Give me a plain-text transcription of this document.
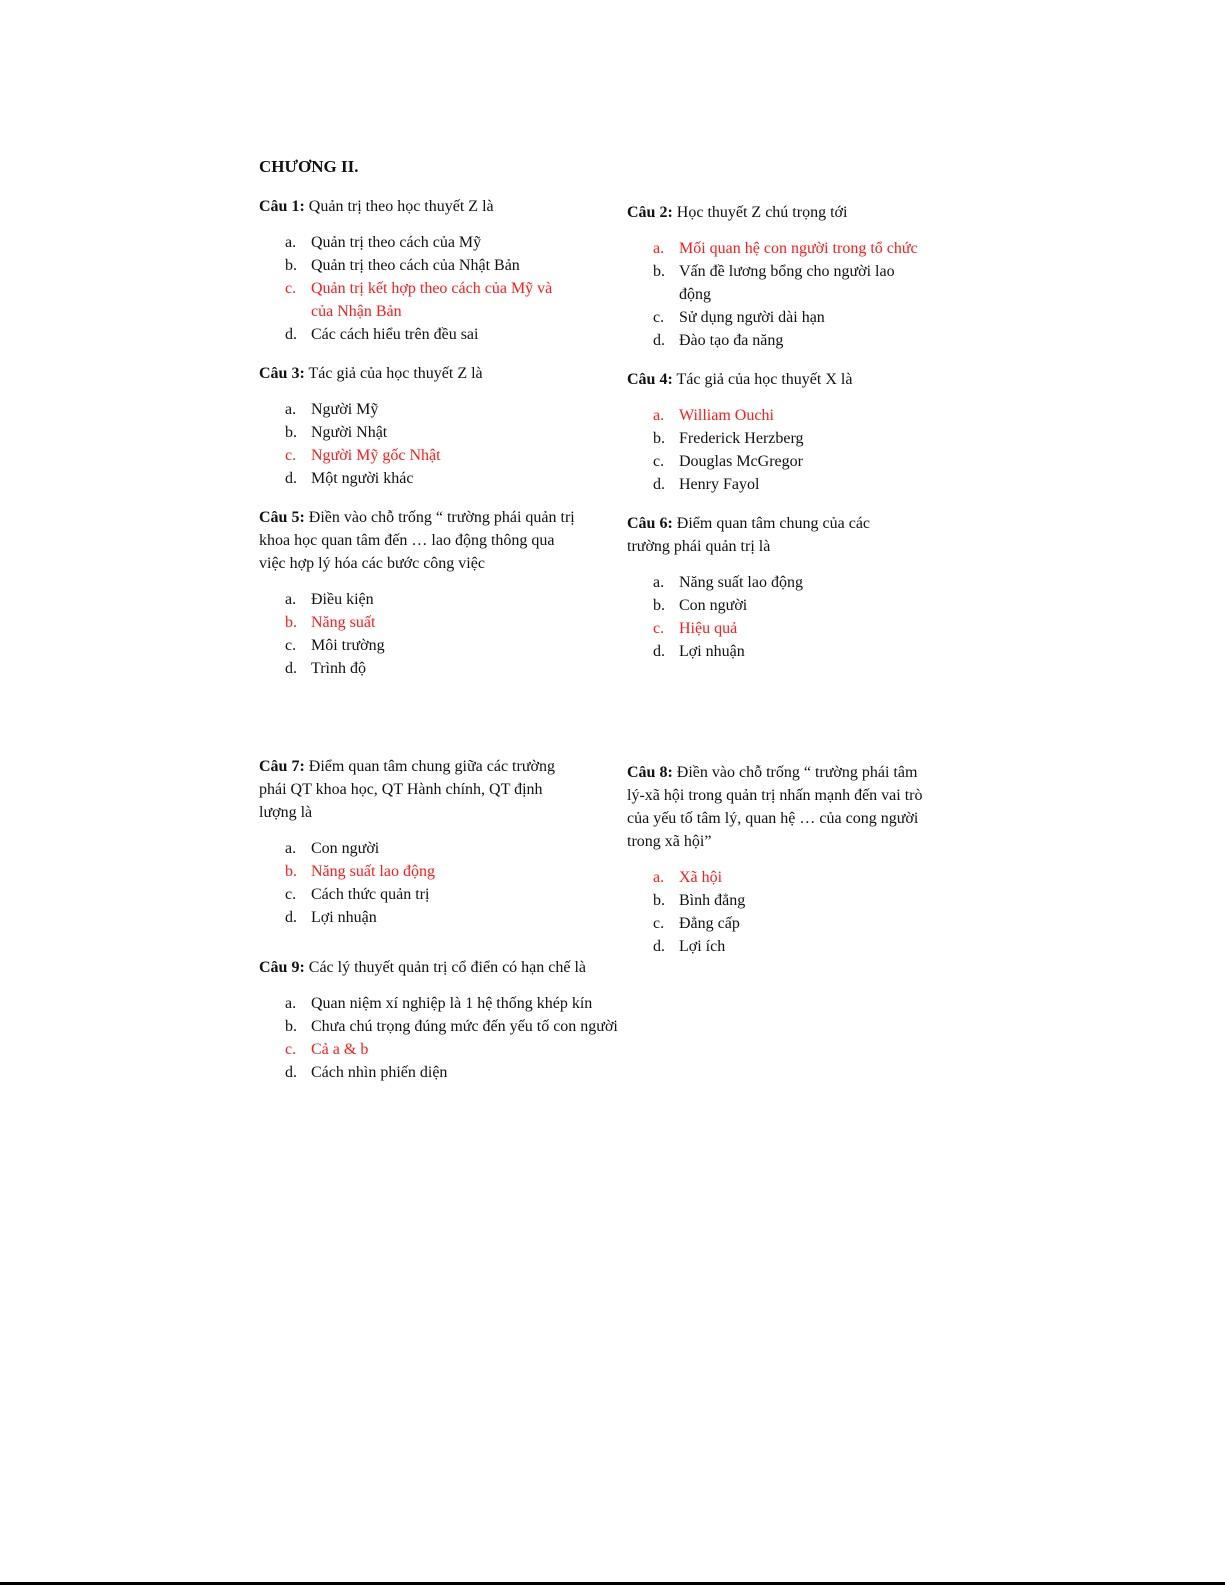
CHƯƠNG II.

Câu 1: Quản trị theo học thuyết Z là

a. Quản trị theo cách của Mỹ
b. Quản trị theo cách của Nhật Bản
c. Quản trị kết hợp theo cách của Mỹ và của Nhận Bản
d. Các cách hiểu trên đều sai

Câu 2: Học thuyết Z chú trọng tới

a. Mối quan hệ con người trong tổ chức
b. Vấn đề lương bổng cho người lao động
c. Sử dụng người dài hạn
d. Đào tạo đa năng

Câu 3: Tác giả của học thuyết Z là

a. Người Mỹ
b. Người Nhật
c. Người Mỹ gốc Nhật
d. Một người khác

Câu 4: Tác giả của học thuyết X là

a. William Ouchi
b. Frederick Herzberg
c. Douglas McGregor
d. Henry Fayol

Câu 5: Điền vào chỗ trống “ trường phái quản trị khoa học quan tâm đến … lao động thông qua việc hợp lý hóa các bước công việc

a. Điều kiện
b. Năng suất
c. Môi trường
d. Trình độ

Câu 6: Điểm quan tâm chung của các trường phái quản trị là

a. Năng suất lao động
b. Con người
c. Hiệu quả
d. Lợi nhuận

Câu 7: Điểm quan tâm chung giữa các trường phái QT khoa học, QT Hành chính, QT định lượng là

a. Con người
b. Năng suất lao động
c. Cách thức quản trị
d. Lợi nhuận

Câu 8: Điền vào chỗ trống “ trường phái tâm lý-xã hội trong quản trị nhấn mạnh đến vai trò của yếu tố tâm lý, quan hệ … của cong người trong xã hội”

a. Xã hội
b. Bình đẳng
c. Đẳng cấp
d. Lợi ích

Câu 9: Các lý thuyết quản trị cổ điển có hạn chế là

a. Quan niệm xí nghiệp là 1 hệ thống khép kín
b. Chưa chú trọng đúng mức đến yếu tố con người
c. Cả a & b
d. Cách nhìn phiến diện
